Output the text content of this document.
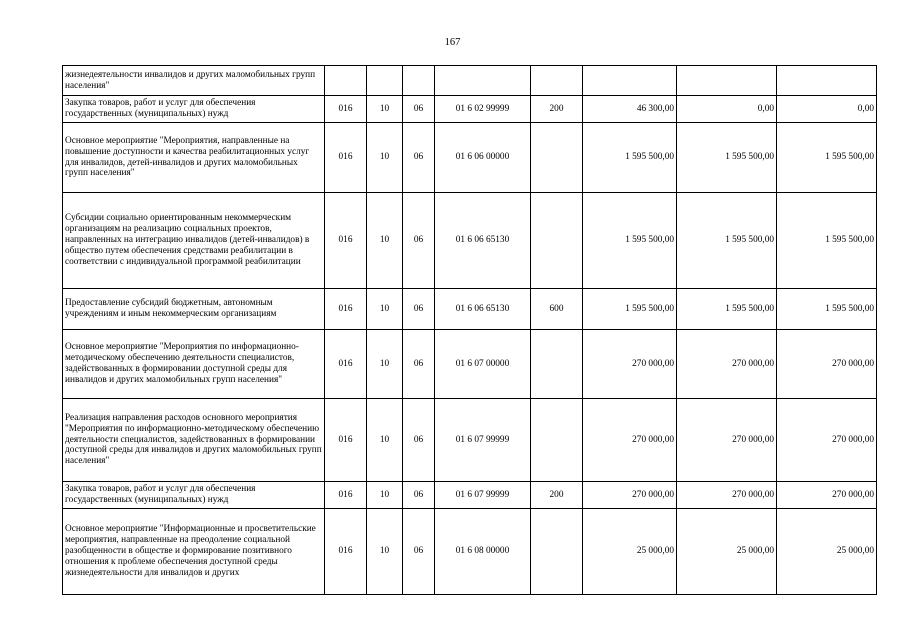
167
жизнедеятельности инвалидов и других маломобильных групп населения"								
Закупка товаров, работ и услуг для обеспечения государственных (муниципальных) нужд	016	10	06	01 6 02 99999	200	46 300,00	0,00	0,00
Основное мероприятие "Мероприятия, направленные на повышение доступности и качества реабилитационных услуг для инвалидов, детей-инвалидов и других маломобильных групп населения"	016	10	06	01 6 06 00000		1 595 500,00	1 595 500,00	1 595 500,00
Субсидии социально ориентированным некоммерческим организациям на реализацию социальных проектов, направленных на интеграцию инвалидов (детей-инвалидов) в общество путем обеспечения средствами реабилитации в соответствии с индивидуальной программой реабилитации	016	10	06	01 6 06 65130		1 595 500,00	1 595 500,00	1 595 500,00
Предоставление субсидий бюджетным, автономным учреждениям и иным некоммерческим организациям	016	10	06	01 6 06 65130	600	1 595 500,00	1 595 500,00	1 595 500,00
Основное мероприятие "Мероприятия по информационно-методическому обеспечению деятельности специалистов, задействованных в формировании доступной среды для инвалидов и других маломобильных групп населения"	016	10	06	01 6 07 00000		270 000,00	270 000,00	270 000,00
Реализация направления расходов основного мероприятия "Мероприятия по информационно-методическому обеспечению деятельности специалистов, задействованных в формировании доступной среды для инвалидов и других маломобильных групп населения"	016	10	06	01 6 07 99999		270 000,00	270 000,00	270 000,00
Закупка товаров, работ и услуг для обеспечения государственных (муниципальных) нужд	016	10	06	01 6 07 99999	200	270 000,00	270 000,00	270 000,00
Основное мероприятие "Информационные и просветительские мероприятия, направленные на преодоление социальной разобщенности в обществе и формирование позитивного отношения к проблеме обеспечения доступной среды жизнедеятельности для инвалидов и других	016	10	06	01 6 08 00000		25 000,00	25 000,00	25 000,00
